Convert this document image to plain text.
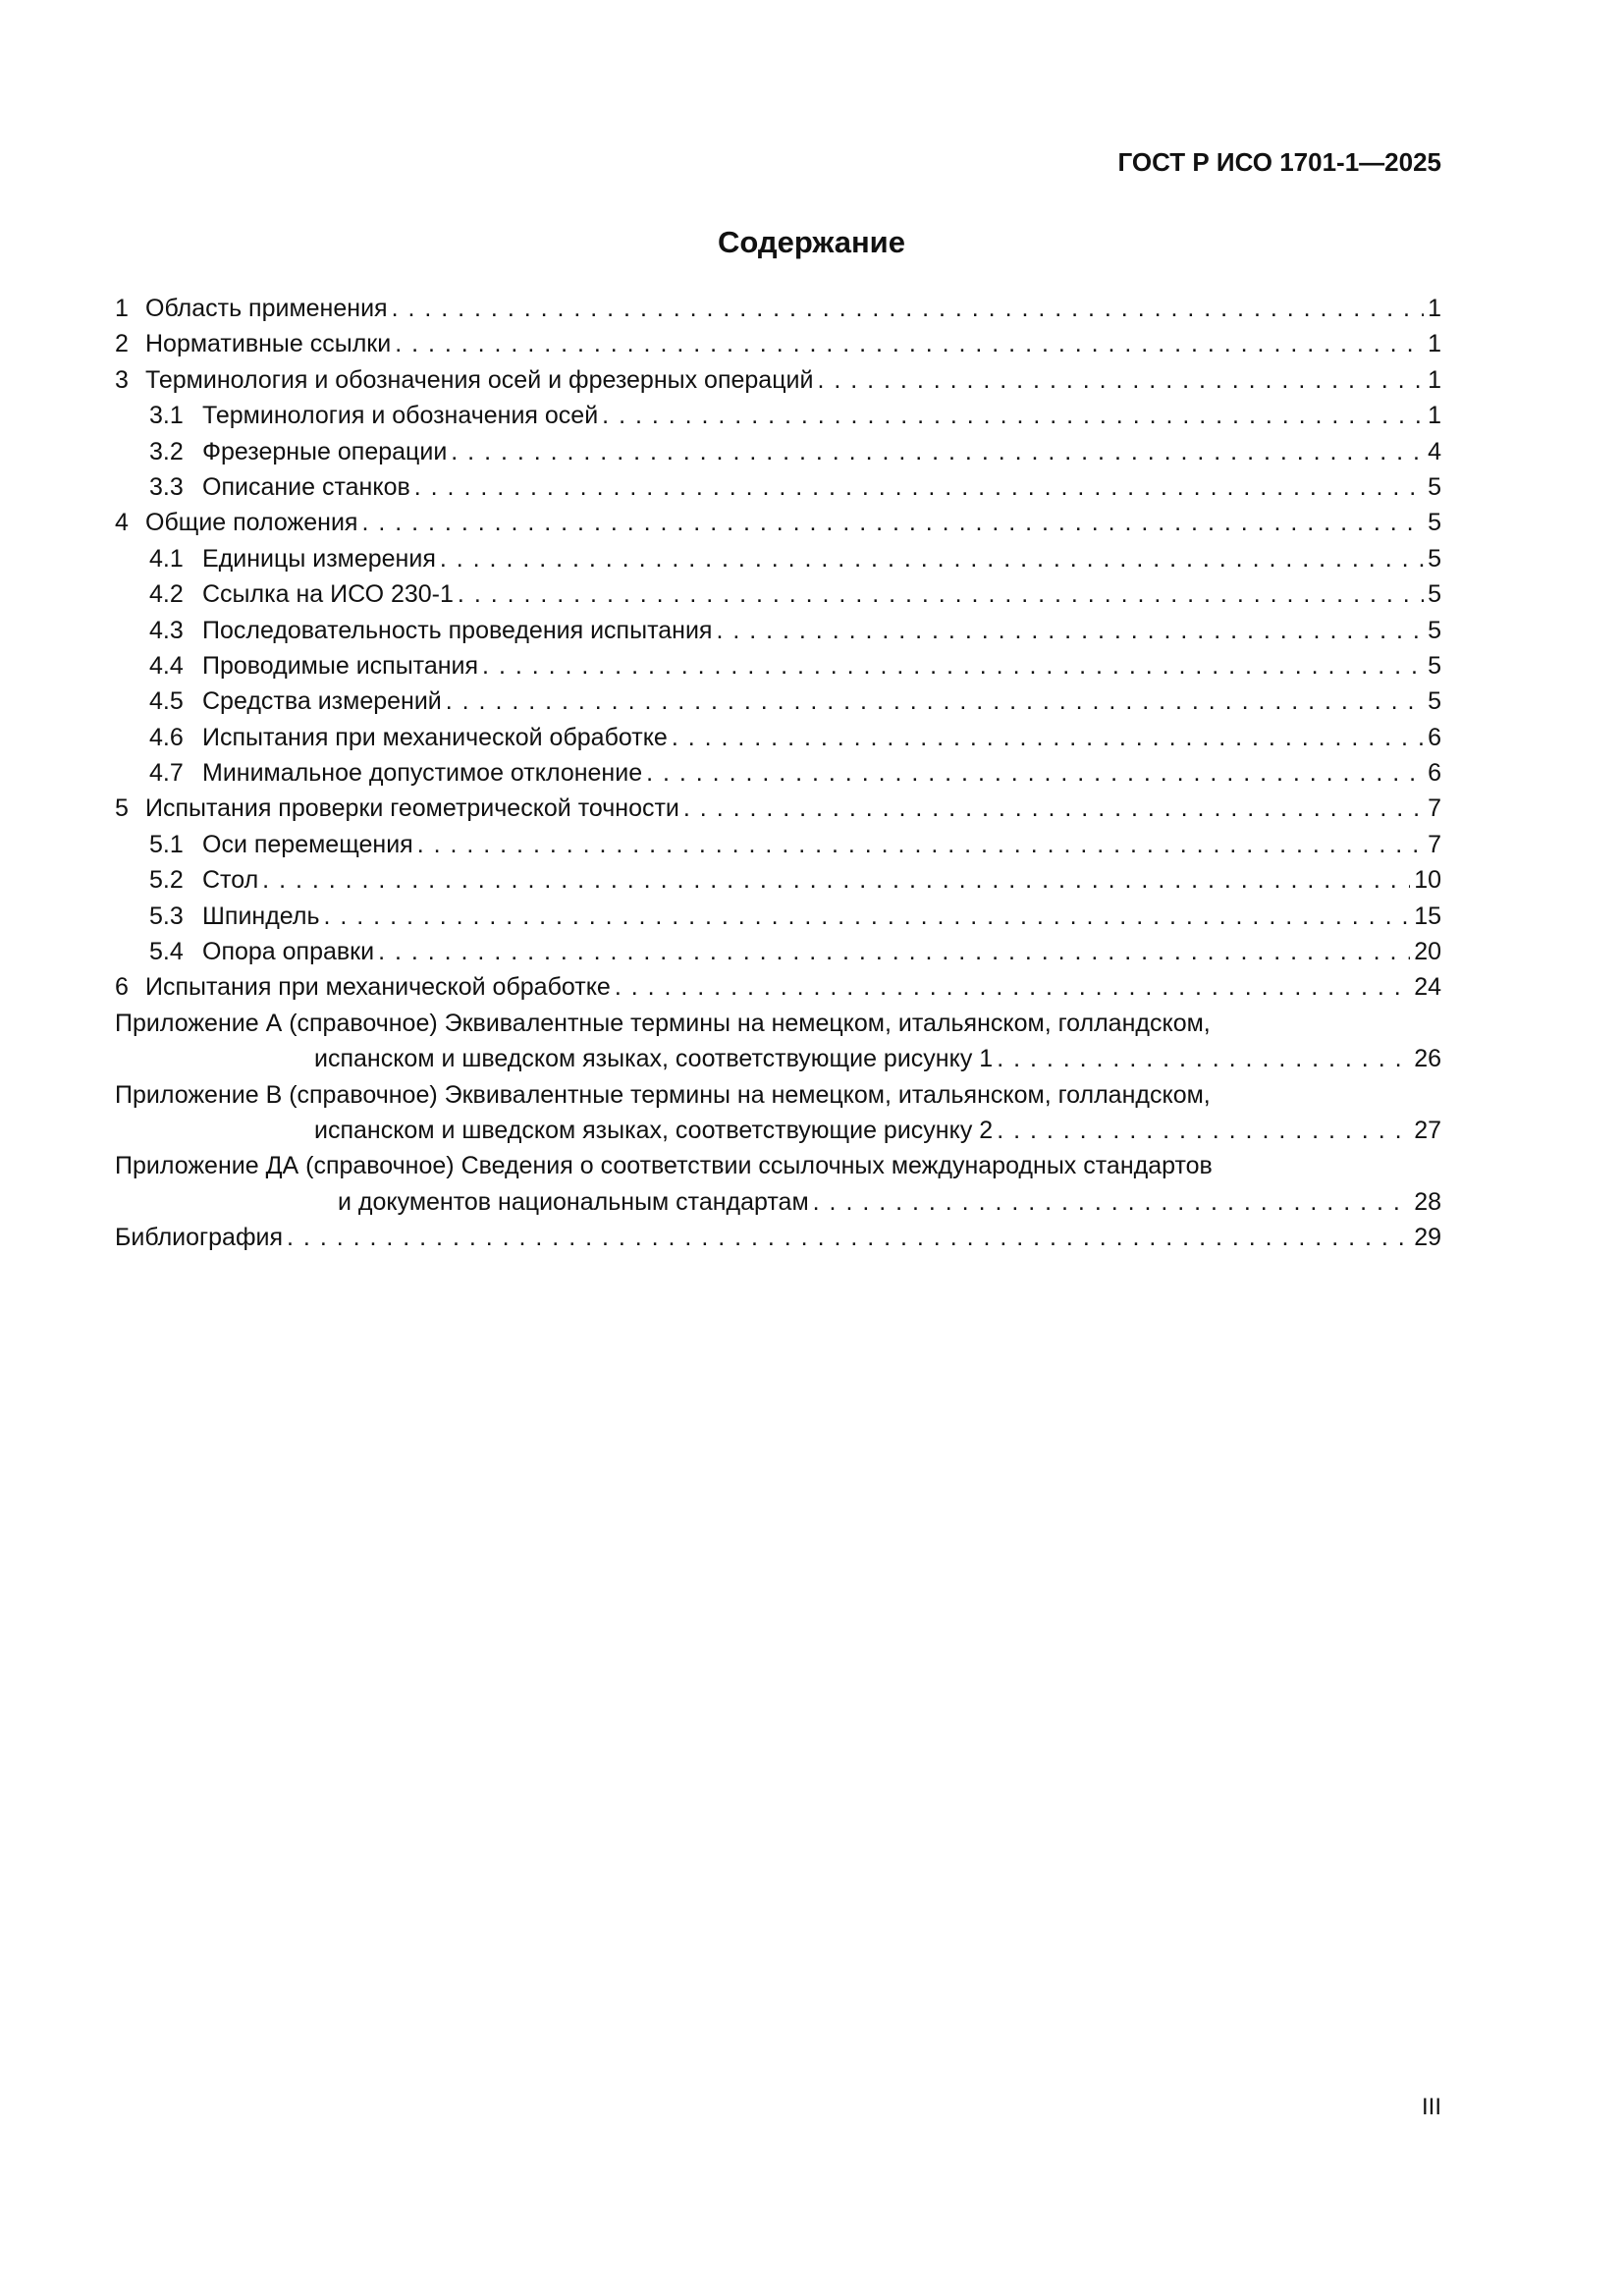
ГОСТ Р ИСО 1701-1—2025
Содержание
1 Область применения . . .	1
2 Нормативные ссылки . . .	1
3 Терминология и обозначения осей и фрезерных операций . . .	1
3.1 Терминология и обозначения осей . . .	1
3.2 Фрезерные операции . . .	4
3.3 Описание станков . . .	5
4 Общие положения . . .	5
4.1 Единицы измерения . . .	5
4.2 Ссылка на ИСО 230-1 . . .	5
4.3 Последовательность проведения испытания . . .	5
4.4 Проводимые испытания . . .	5
4.5 Средства измерений . . .	5
4.6 Испытания при механической обработке . . .	6
4.7 Минимальное допустимое отклонение . . .	6
5 Испытания проверки геометрической точности . . .	7
5.1 Оси перемещения . . .	7
5.2 Стол . . .	10
5.3 Шпиндель . . .	15
5.4 Опора оправки . . .	20
6 Испытания при механической обработке . . .	24
Приложение А (справочное) Эквивалентные термины на немецком, итальянском, голландском,
испанском и шведском языках, соответствующие рисунку 1 . . .	26
Приложение В (справочное) Эквивалентные термины на немецком, итальянском, голландском,
испанском и шведском языках, соответствующие рисунку 2 . . .	27
Приложение ДА (справочное) Сведения о соответствии ссылочных международных стандартов
и документов национальным стандартам . . .	28
Библиография . . .	29
III
